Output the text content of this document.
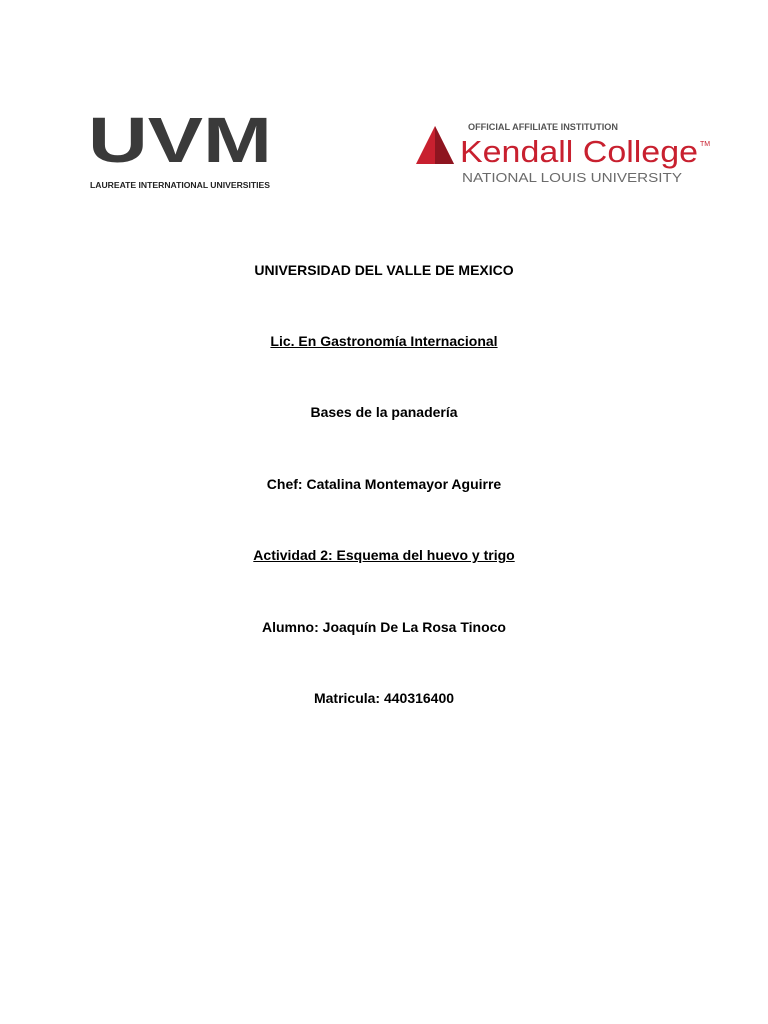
UVM
LAUREATE INTERNATIONAL UNIVERSITIES
OFFICIAL AFFILIATE INSTITUTION
Kendall College TM
NATIONAL LOUIS UNIVERSITY
UNIVERSIDAD DEL VALLE DE MEXICO
Lic. En Gastronomía Internacional
Bases de la panadería
Chef: Catalina Montemayor Aguirre
Actividad 2: Esquema del huevo y trigo
Alumno: Joaquín De La Rosa Tinoco
Matricula: 440316400
